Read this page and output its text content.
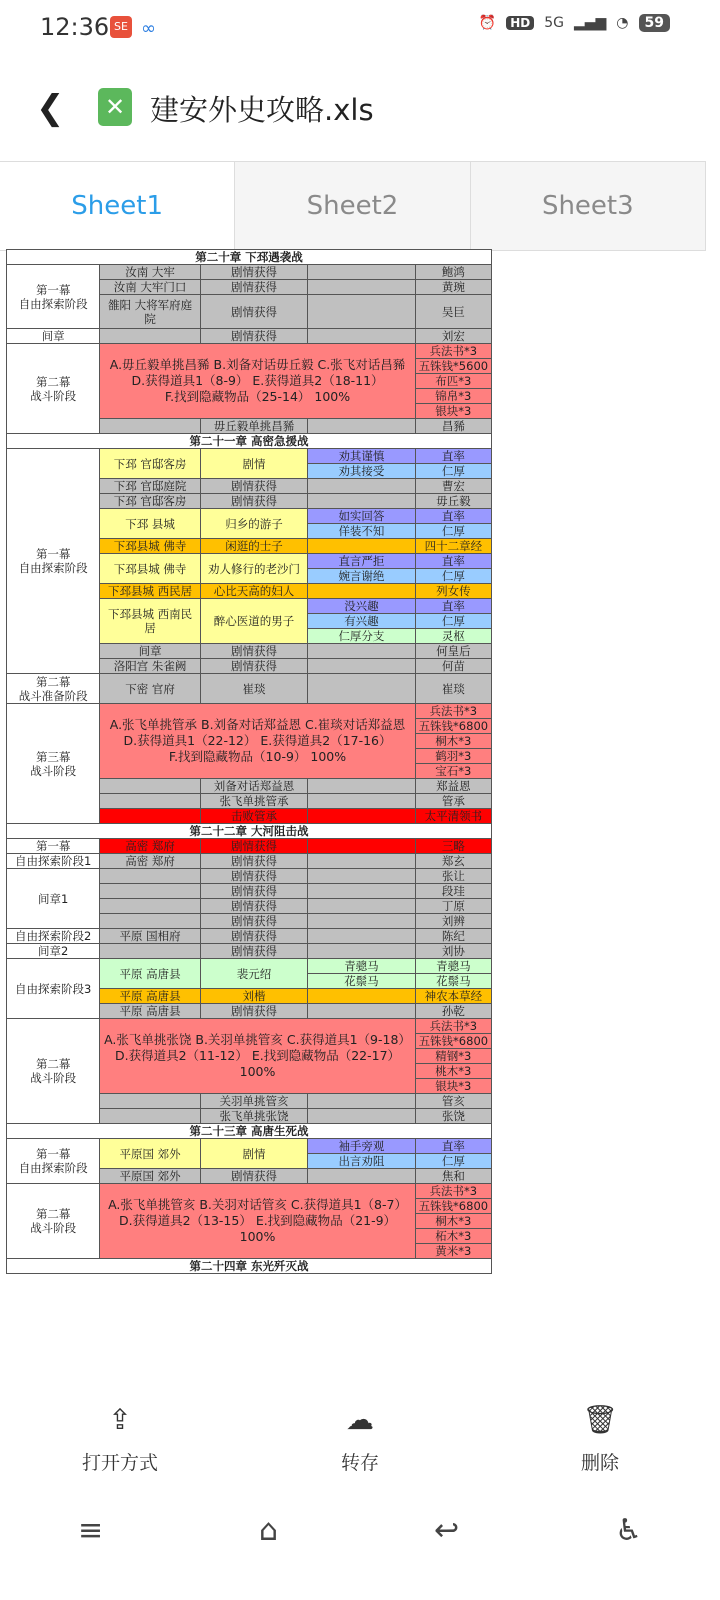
12:36 SE ∞	⏰	HD 5G ▂▄▆ ◔	59
❮ ✕ 建安外史攻略.xls
Sheet1	Sheet2	Sheet3
第二十章 下邳遇袭战				
第一幕
自由探索阶段	汝南 大牢	剧情获得		鲍鸿
	汝南 大牢门口	剧情获得		黄琬
	雒阳 大将军府庭院	剧情获得		吴巨
间章		剧情获得		刘宏
第二幕
战斗阶段	A.毋丘毅单挑昌豨 B.刘备对话毋丘毅 C.张飞对话昌豨
D.获得道具1（8-9） E.获得道具2（18-11）
F.找到隐藏物品（25-14） 100%			兵法书*3
				五铢钱*5600
				布匹*3
				锦帛*3
				银块*3
		毋丘毅单挑昌豨		昌豨
第二十一章 高密急援战				
第一幕
自由探索阶段	下邳 官邸客房	剧情	劝其谨慎	直率
			劝其接受	仁厚
	下邳 官邸庭院	剧情获得		曹宏
	下邳 官邸客房	剧情获得		毋丘毅
	下邳 县城	归乡的游子	如实回答	直率
			佯装不知	仁厚
	下邳县城 佛寺	闲逛的士子		四十二章经
	下邳县城 佛寺	劝人修行的老沙门	直言严拒	直率
			婉言谢绝	仁厚
	下邳县城 西民居	心比天高的妇人		列女传
	下邳县城 西南民居	醉心医道的男子	没兴趣	直率
			有兴趣	仁厚
			仁厚分支	灵枢
	间章	剧情获得		何皇后
	洛阳宫 朱雀阙	剧情获得		何苗
第二幕
战斗准备阶段	下密 官府	崔琰		崔琰
第三幕
战斗阶段	A.张飞单挑管承 B.刘备对话郑益恩 C.崔琰对话郑益恩
D.获得道具1（22-12） E.获得道具2（17-16）
F.找到隐藏物品（10-9） 100%			兵法书*3
				五铢钱*6800
				桐木*3
				鹤羽*3
				宝石*3
		刘备对话郑益恩		郑益恩
		张飞单挑管承		管承
		击败管承		太平清领书
第二十二章 大河阻击战				
第一幕	高密 郑府	剧情获得		三略
自由探索阶段1	高密 郑府	剧情获得		郑玄
间章1		剧情获得		张让
		剧情获得		段珪
		剧情获得		丁原
		剧情获得		刘辨
自由探索阶段2	平原 国相府	剧情获得		陈纪
间章2		剧情获得		刘协
自由探索阶段3	平原 高唐县	裴元绍	青骢马	青骢马
			花鬃马	花鬃马
	平原 高唐县	刘楷		神农本草经
	平原 高唐县	剧情获得		孙乾
第二幕
战斗阶段	A.张飞单挑张饶 B.关羽单挑管亥 C.获得道具1（9-18）
D.获得道具2（11-12） E.找到隐藏物品（22-17） 100%			兵法书*3
				五铢钱*6800
				精钢*3
				桃木*3
				银块*3
		关羽单挑管亥		管亥
		张飞单挑张饶		张饶
第二十三章 高唐生死战				
第一幕
自由探索阶段	平原国 郊外	剧情	袖手旁观	直率
			出言劝阻	仁厚
	平原国 郊外	剧情获得		焦和
第二幕
战斗阶段	A.张飞单挑管亥 B.关羽对话管亥 C.获得道具1（8-7）
D.获得道具2（13-15） E.找到隐藏物品（21-9） 100%			兵法书*3
				五铢钱*6800
				桐木*3
				柘木*3
				黄米*3
第二十四章 东光歼灭战				
⇪
打开方式
☁
转存
🗑
删除
≡	⌂	↩	♿
